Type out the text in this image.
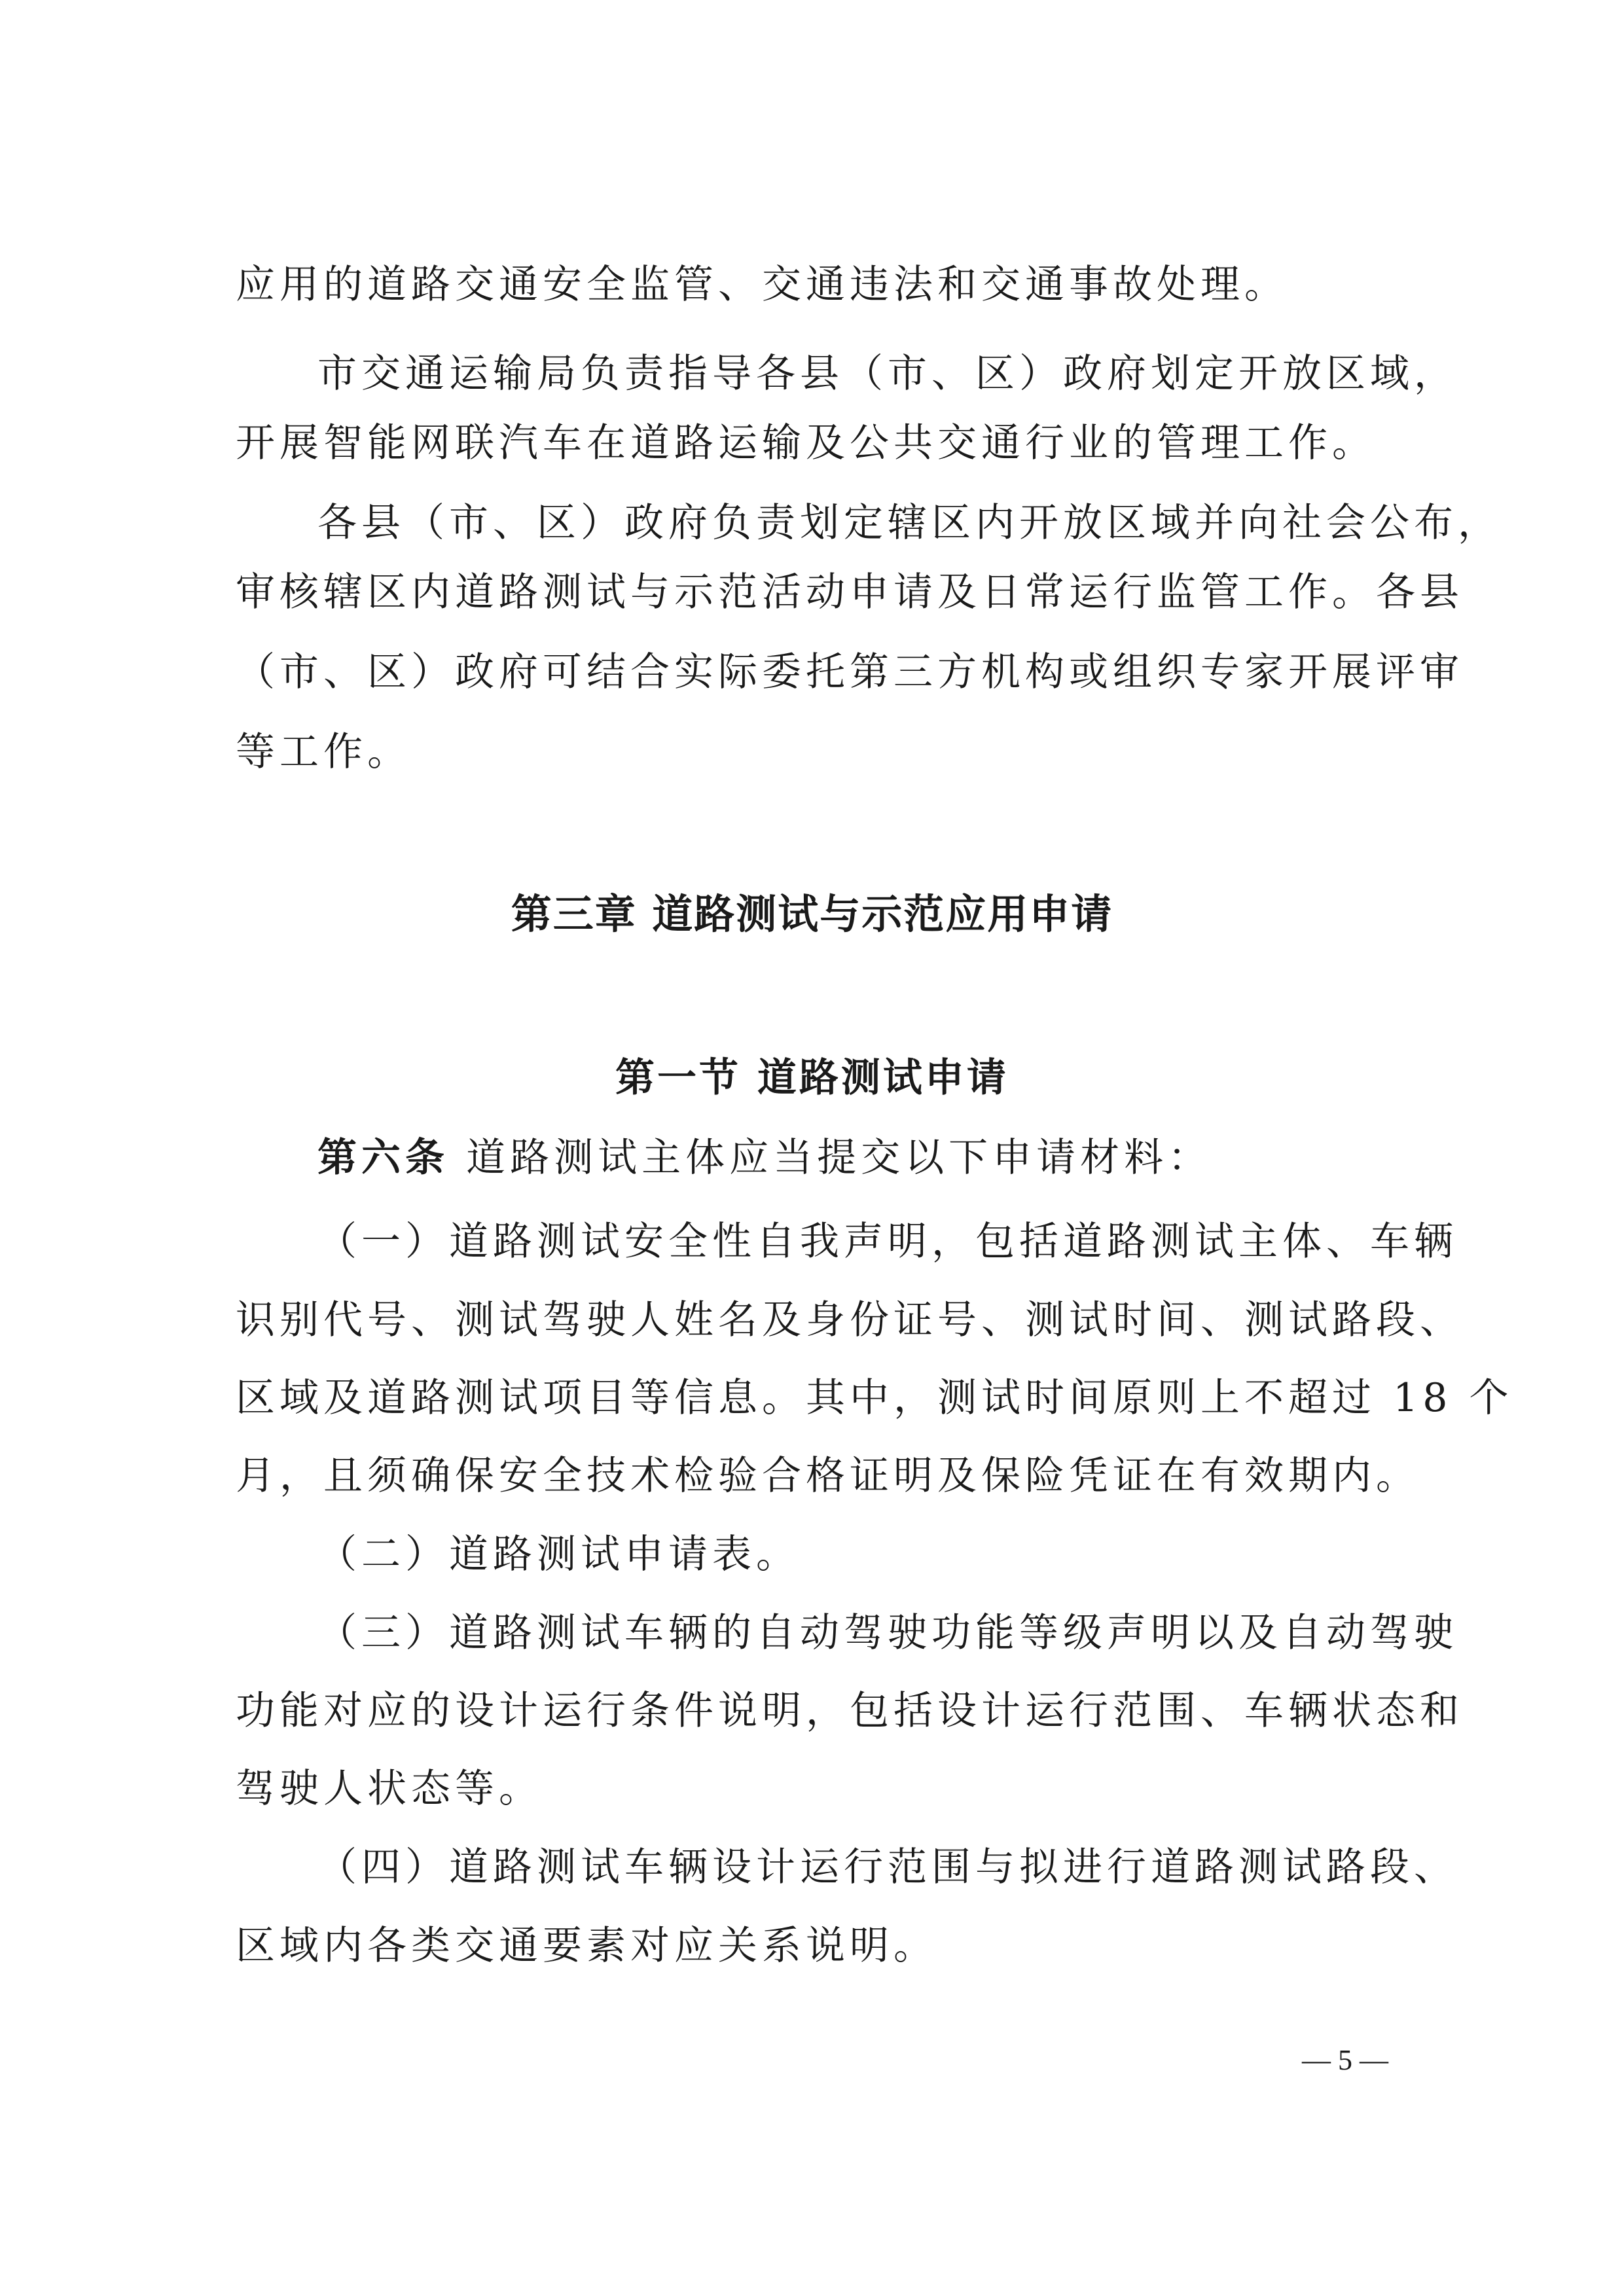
应用的道路交通安全监管、交通违法和交通事故处理。

市交通运输局负责指导各县（市、区）政府划定开放区域，

开展智能网联汽车在道路运输及公共交通行业的管理工作。

各县（市、区）政府负责划定辖区内开放区域并向社会公布，

审核辖区内道路测试与示范活动申请及日常运行监管工作。各县

（市、区）政府可结合实际委托第三方机构或组织专家开展评审

等工作。

第三章 道路测试与示范应用申请
第一节 道路测试申请

第六条 道路测试主体应当提交以下申请材料：

（一）道路测试安全性自我声明，包括道路测试主体、车辆

识别代号、测试驾驶人姓名及身份证号、测试时间、测试路段、

区域及道路测试项目等信息。其中，测试时间原则上不超过 18 个

月，且须确保安全技术检验合格证明及保险凭证在有效期内。

（二）道路测试申请表。

（三）道路测试车辆的自动驾驶功能等级声明以及自动驾驶

功能对应的设计运行条件说明，包括设计运行范围、车辆状态和

驾驶人状态等。

（四）道路测试车辆设计运行范围与拟进行道路测试路段、

区域内各类交通要素对应关系说明。

— 5 —
